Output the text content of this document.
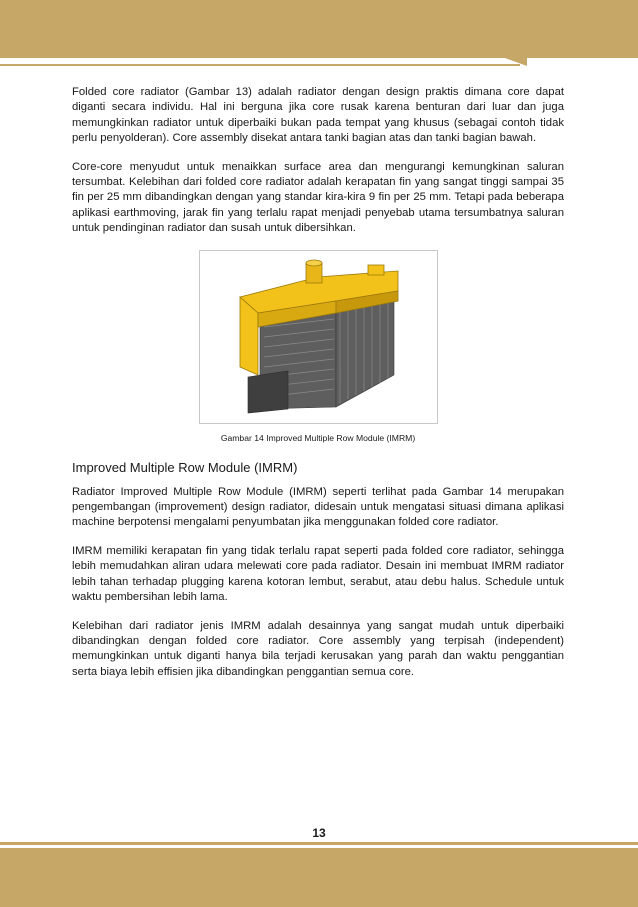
Folded core radiator (Gambar 13) adalah radiator dengan design praktis dimana core dapat diganti secara individu. Hal ini berguna jika core rusak karena benturan dari luar dan juga memungkinkan radiator untuk diperbaiki bukan pada tempat yang khusus (sebagai contoh tidak perlu penyolderan). Core assembly disekat antara tanki bagian atas dan tanki bagian bawah.

Core-core menyudut untuk menaikkan surface area dan mengurangi kemungkinan saluran tersumbat. Kelebihan dari folded core radiator adalah kerapatan fin yang sangat tinggi sampai 35 fin per 25 mm dibandingkan dengan yang standar kira-kira 9 fin per 25 mm. Tetapi pada beberapa aplikasi earthmoving, jarak fin yang terlalu rapat menjadi penyebab utama tersumbatnya saluran untuk pendinginan radiator dan susah untuk dibersihkan.

Gambar 14 Improved Multiple Row Module (IMRM)
Improved Multiple Row Module (IMRM)

Radiator Improved Multiple Row Module (IMRM) seperti terlihat pada Gambar 14 merupakan pengembangan (improvement) design radiator, didesain untuk mengatasi situasi dimana aplikasi machine berpotensi mengalami penyumbatan jika menggunakan folded core radiator.

IMRM memiliki kerapatan fin yang tidak terlalu rapat seperti pada folded core radiator, sehingga lebih memudahkan aliran udara melewati core pada radiator. Desain ini membuat IMRM radiator lebih tahan terhadap plugging karena kotoran lembut, serabut, atau debu halus. Schedule untuk waktu pembersihan lebih lama.

Kelebihan dari radiator jenis IMRM adalah desainnya yang sangat mudah untuk diperbaiki dibandingkan dengan folded core radiator. Core assembly yang terpisah (independent) memungkinkan untuk diganti hanya bila terjadi kerusakan yang parah dan waktu penggantian serta biaya lebih effisien jika dibandingkan penggantian semua core.

13
